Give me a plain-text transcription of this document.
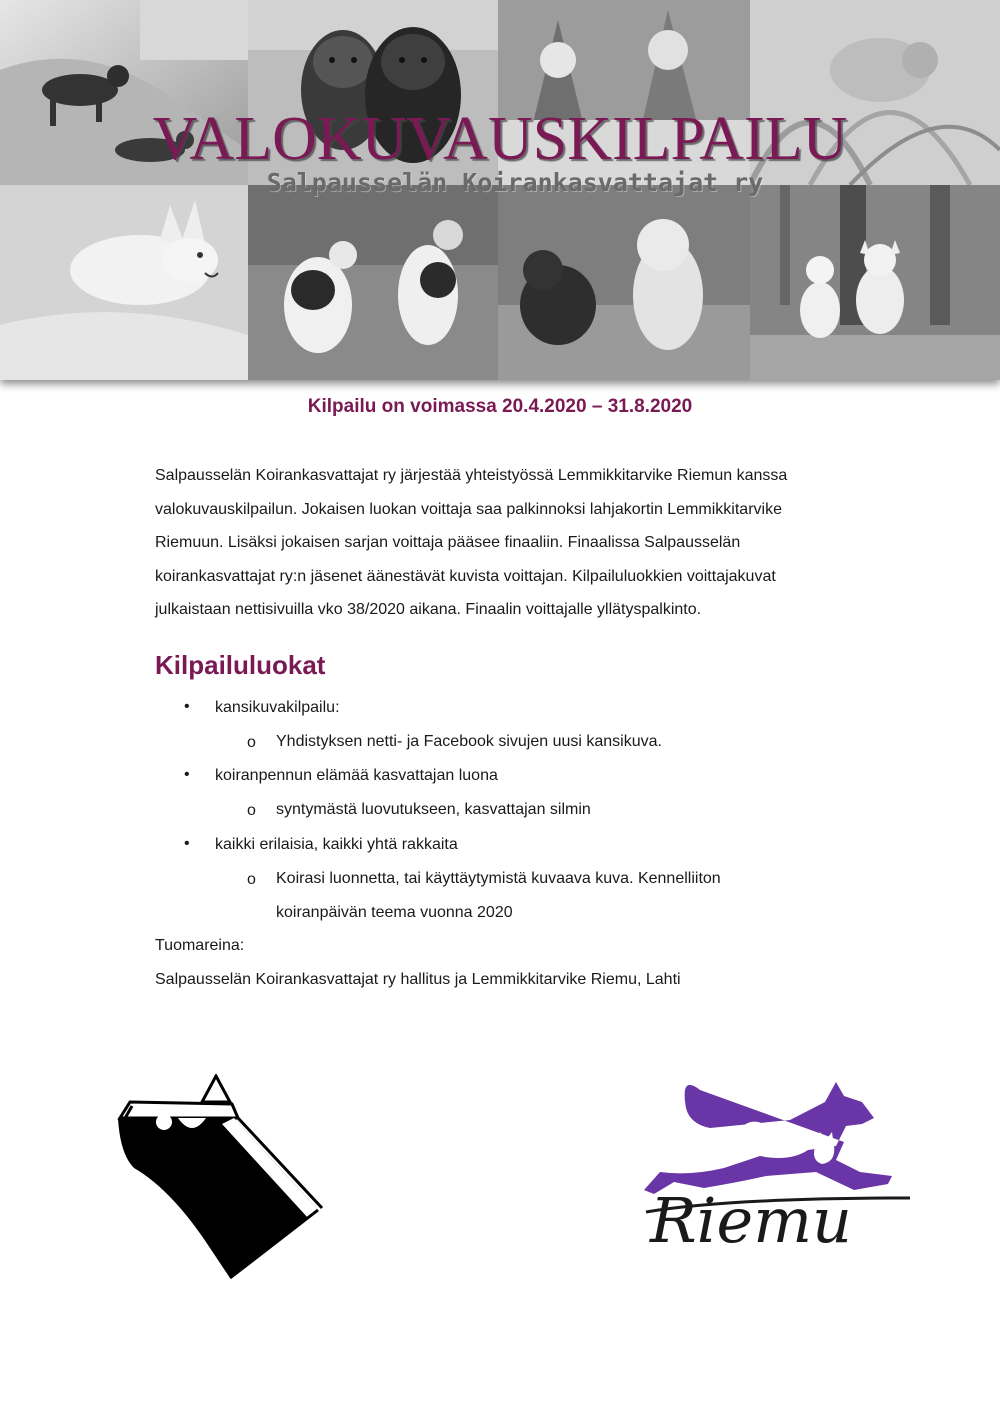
VALOKUVAUSKILPAILU
Salpausselän Koirankasvattajat ry
Kilpailu on voimassa 20.4.2020 – 31.8.2020

Salpausselän Koirankasvattajat ry järjestää yhteistyössä Lemmikkitarvike Riemun kanssa
valokuvauskilpailun. Jokaisen luokan voittaja saa palkinnoksi lahjakortin Lemmikkitarvike
Riemuun. Lisäksi jokaisen sarjan voittaja pääsee finaaliin. Finaalissa Salpausselän
koirankasvattajat ry:n jäsenet äänestävät kuvista voittajan. Kilpailuluokkien voittajakuvat
julkaistaan nettisivuilla vko 38/2020 aikana. Finaalin voittajalle yllätyspalkinto.

Kilpailuluokat
• kansikuvakilpailu:
o Yhdistyksen netti- ja Facebook sivujen uusi kansikuva.
• koiranpennun elämää kasvattajan luona
o syntymästä luovutukseen, kasvattajan silmin
• kaikki erilaisia, kaikki yhtä rakkaita
o Koirasi luonnetta, tai käyttäytymistä kuvaava kuva. Kennelliiton
koiranpäivän teema vuonna 2020
Tuomareina:
Salpausselän Koirankasvattajat ry hallitus ja Lemmikkitarvike Riemu, Lahti
Riemu
